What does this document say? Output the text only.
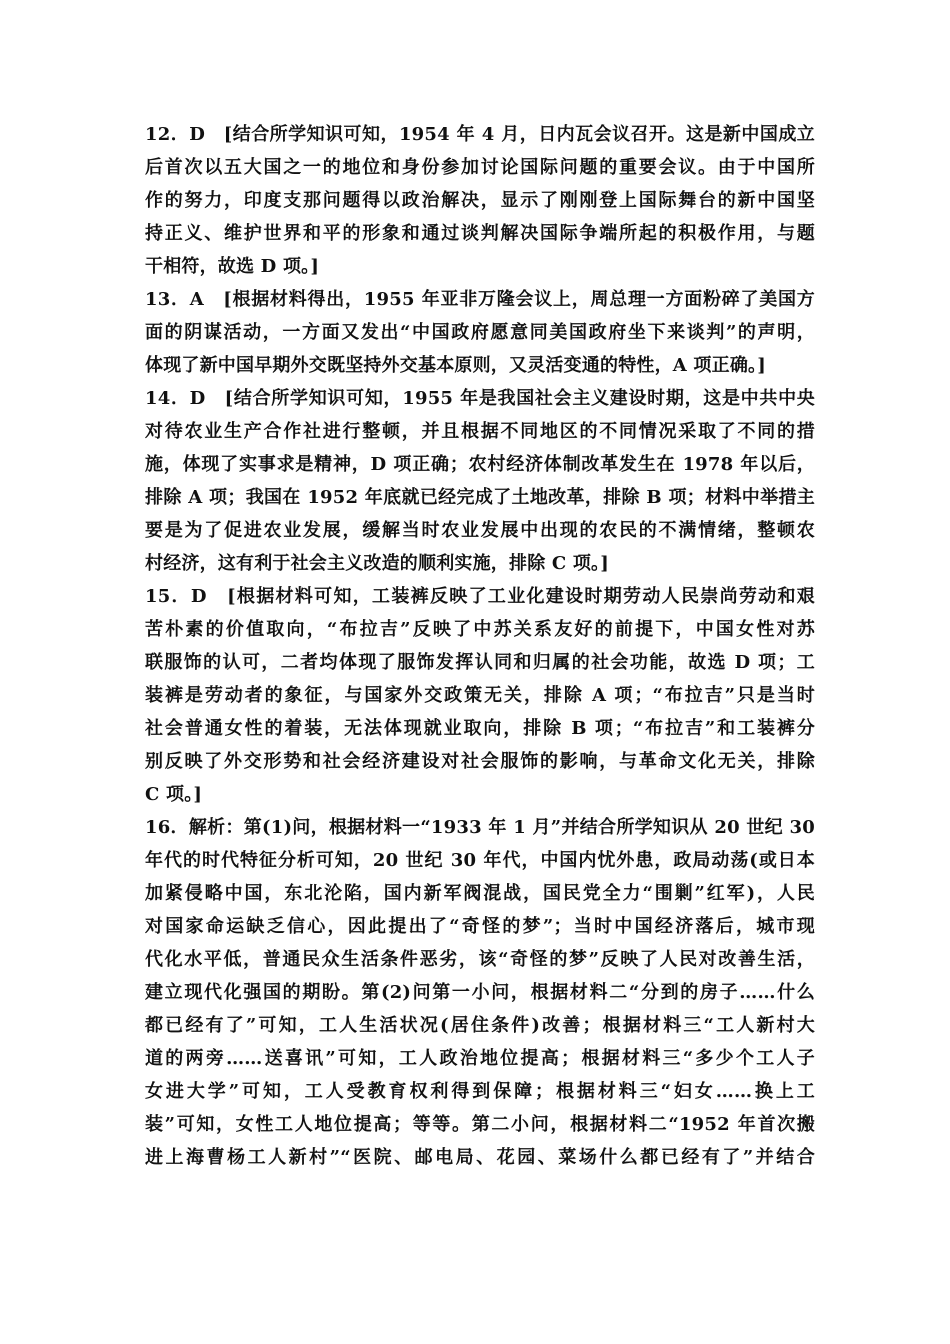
12．D　[结合所学知识可知，1954 年 4 月，日内瓦会议召开。这是新中国成立
后首次以五大国之一的地位和身份参加讨论国际问题的重要会议。由于中国所
作的努力，印度支那问题得以政治解决，显示了刚刚登上国际舞台的新中国坚
持正义、维护世界和平的形象和通过谈判解决国际争端所起的积极作用，与题
干相符，故选 D 项。]
13．A　[根据材料得出，1955 年亚非万隆会议上，周总理一方面粉碎了美国方
面的阴谋活动，一方面又发出“中国政府愿意同美国政府坐下来谈判”的声明，
体现了新中国早期外交既坚持外交基本原则，又灵活变通的特性，A 项正确。]
14．D　[结合所学知识可知，1955 年是我国社会主义建设时期，这是中共中央
对待农业生产合作社进行整顿，并且根据不同地区的不同情况采取了不同的措
施，体现了实事求是精神，D 项正确；农村经济体制改革发生在 1978 年以后，
排除 A 项；我国在 1952 年底就已经完成了土地改革，排除 B 项；材料中举措主
要是为了促进农业发展，缓解当时农业发展中出现的农民的不满情绪，整顿农
村经济，这有利于社会主义改造的顺利实施，排除 C 项。]
15．D　[根据材料可知，工装裤反映了工业化建设时期劳动人民崇尚劳动和艰
苦朴素的价值取向，“布拉吉”反映了中苏关系友好的前提下，中国女性对苏
联服饰的认可，二者均体现了服饰发挥认同和归属的社会功能，故选 D 项；工
装裤是劳动者的象征，与国家外交政策无关，排除 A 项；“布拉吉”只是当时
社会普通女性的着装，无法体现就业取向，排除 B 项；“布拉吉”和工装裤分
别反映了外交形势和社会经济建设对社会服饰的影响，与革命文化无关，排除
C 项。]
16．解析：第(1)问，根据材料一“1933 年 1 月”并结合所学知识从 20 世纪 30
年代的时代特征分析可知，20 世纪 30 年代，中国内忧外患，政局动荡(或日本
加紧侵略中国，东北沦陷，国内新军阀混战，国民党全力“围剿”红军)，人民
对国家命运缺乏信心，因此提出了“奇怪的梦”；当时中国经济落后，城市现
代化水平低，普通民众生活条件恶劣，该“奇怪的梦”反映了人民对改善生活，
建立现代化强国的期盼。第(2)问第一小问，根据材料二“分到的房子……什么
都已经有了”可知，工人生活状况(居住条件)改善；根据材料三“工人新村大
道的两旁……送喜讯”可知，工人政治地位提高；根据材料三“多少个工人子
女进大学”可知，工人受教育权利得到保障；根据材料三“妇女……换上工
装”可知，女性工人地位提高；等等。第二小问，根据材料二“1952 年首次搬
进上海曹杨工人新村”“医院、邮电局、花园、菜场什么都已经有了”并结合
